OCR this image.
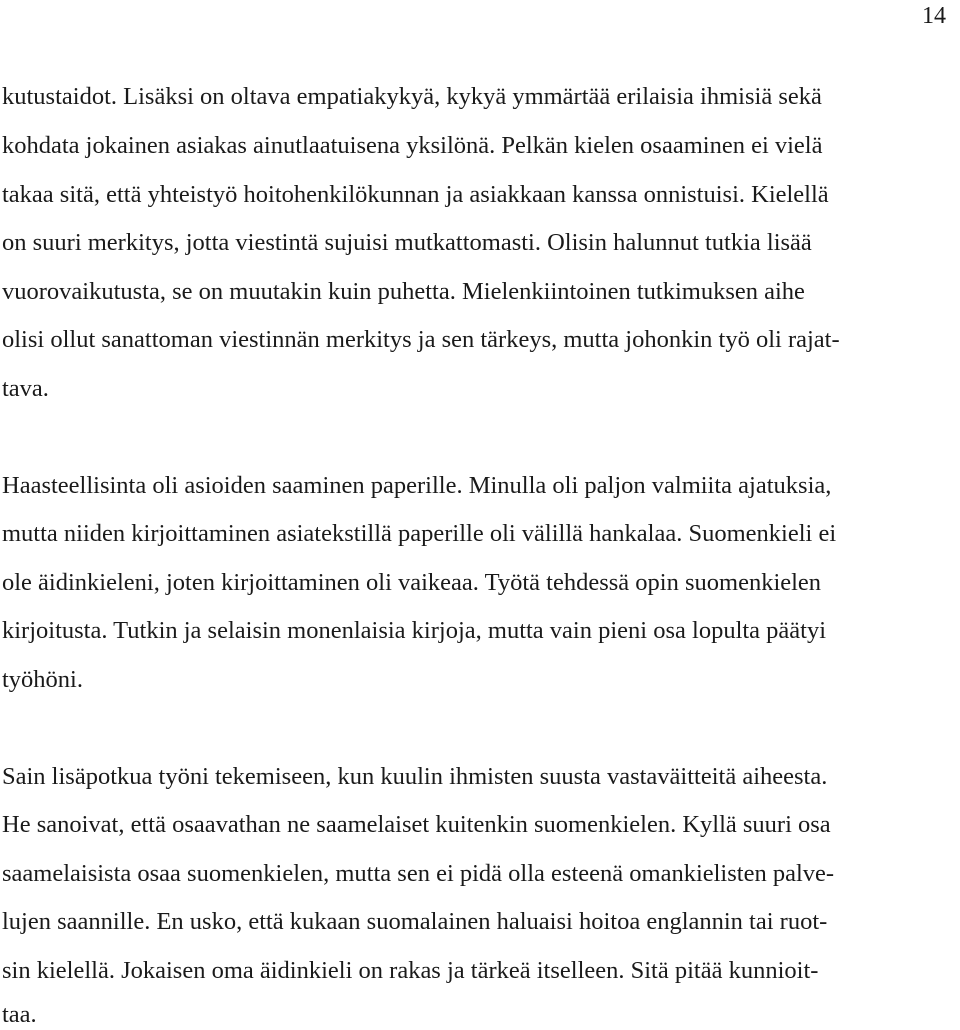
14
kutustaidot. Lisäksi on oltava empatiakykyä, kykyä ymmärtää erilaisia ihmisiä sekä
kohdata jokainen asiakas ainutlaatuisena yksilönä. Pelkän kielen osaaminen ei vielä
takaa sitä, että yhteistyö hoitohenkilökunnan ja asiakkaan kanssa onnistuisi. Kielellä
on suuri merkitys, jotta viestintä sujuisi mutkattomasti. Olisin halunnut tutkia lisää
vuorovaikutusta, se on muutakin kuin puhetta. Mielenkiintoinen tutkimuksen aihe
olisi ollut sanattoman viestinnän merkitys ja sen tärkeys, mutta johonkin työ oli rajat-
tava.
Haasteellisinta oli asioiden saaminen paperille. Minulla oli paljon valmiita ajatuksia,
mutta niiden kirjoittaminen asiatekstillä paperille oli välillä hankalaa. Suomenkieli ei
ole äidinkieleni, joten kirjoittaminen oli vaikeaa. Työtä tehdessä opin suomenkielen
kirjoitusta. Tutkin ja selaisin monenlaisia kirjoja, mutta vain pieni osa lopulta päätyi
työhöni.
Sain lisäpotkua työni tekemiseen, kun kuulin ihmisten suusta vastaväitteitä aiheesta.
He sanoivat, että osaavathan ne saamelaiset kuitenkin suomenkielen. Kyllä suuri osa
saamelaisista osaa suomenkielen, mutta sen ei pidä olla esteenä omankielisten palve-
lujen saannille. En usko, että kukaan suomalainen haluaisi hoitoa englannin tai ruot-
sin kielellä. Jokaisen oma äidinkieli on rakas ja tärkeä itselleen. Sitä pitää kunnioit-
taa.
